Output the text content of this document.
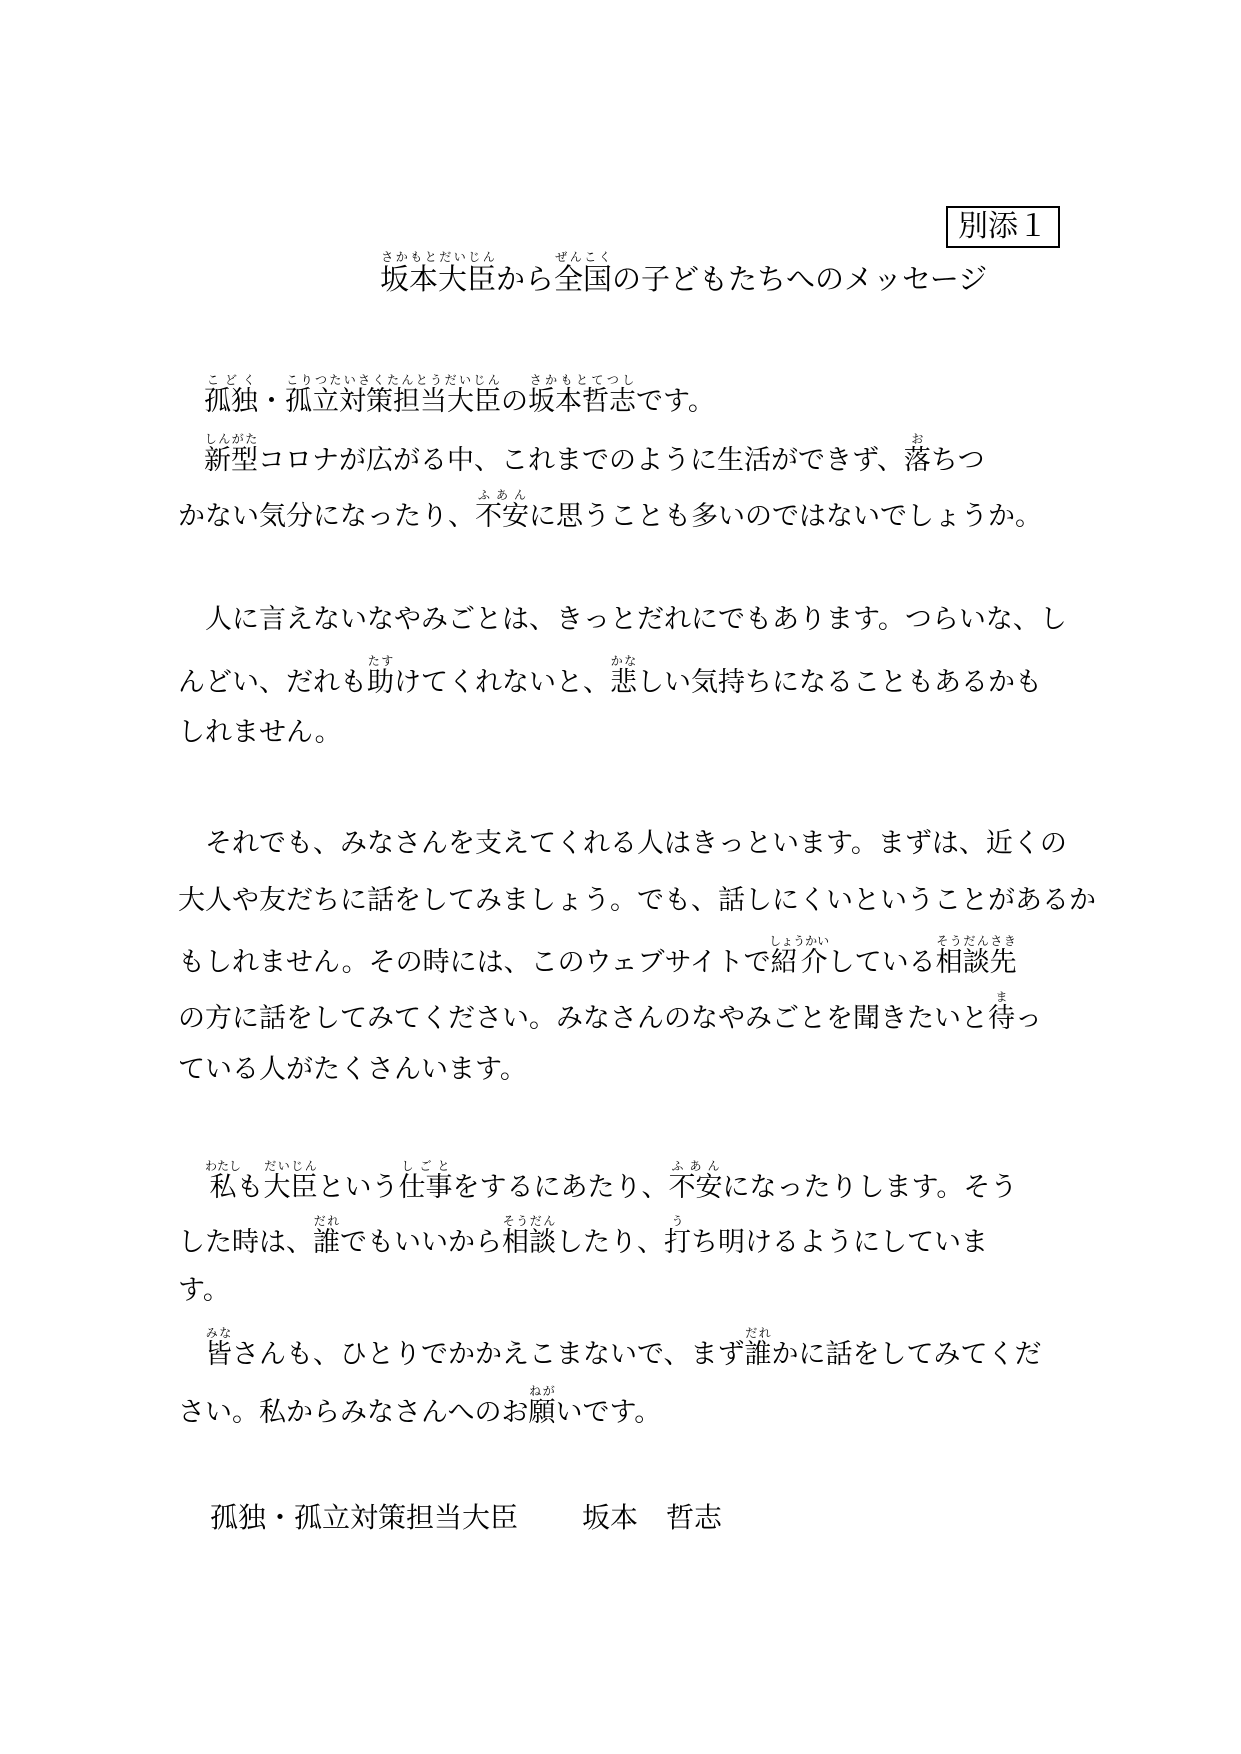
別添１
坂本大臣さかもとだいじんから全国ぜんこくの子どもたちへのメッセージ
孤独こどく・孤立対策担当大臣こりつたいさくたんとうだいじんの坂本哲志さかもとてつしです。
新型しんがたコロナが広がる中、これまでのように生活ができず、落おちつ
かない気分になったり、不安ふあんに思うことも多いのではないでしょうか。
人に言えないなやみごとは、きっとだれにでもあります。つらいな、し
んどい、だれも助たすけてくれないと、悲かなしい気持ちになることもあるかも
しれません。
それでも、みなさんを支えてくれる人はきっといます。まずは、近くの
大人や友だちに話をしてみましょう。でも、話しにくいということがあるか
もしれません。その時には、このウェブサイトで紹介しょうかいしている相談先そうだんさき
の方に話をしてみてください。みなさんのなやみごとを聞きたいと待まっ
ている人がたくさんいます。
私わたしも大臣だいじんという仕事しごとをするにあたり、不安ふあんになったりします。そう
した時は、誰だれでもいいから相談そうだんしたり、打うち明けるようにしていま
す。
皆みなさんも、ひとりでかかえこまないで、まず誰だれかに話をしてみてくだ
さい。私からみなさんへのお願ねがいです。
孤独・孤立対策担当大臣 坂本　哲志
